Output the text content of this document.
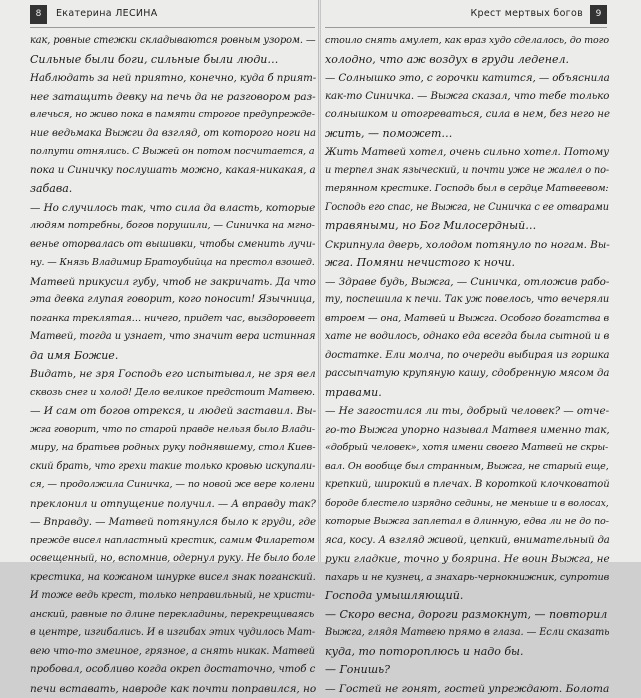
8	Екатерина ЛЕСИНА
как, ровные стежки складываются ровным узором. —
Сильные были боги, сильные были люди…
Наблюдать за ней приятно, конечно, куда б прият-
нее затащить девку на печь да не разговором раз-
влечься, но живо пока в памяти строгое предупрежде-
ние ведьмака Выжги да взгляд, от которого ноги на
полпути отнялись. С Выжей он потом посчитается, а
пока и Синичку послушать можно, какая-никакая, а
забава.
— Но случилось так, что сила да власть, которые
людям потребны, богов порушили, — Синичка на мгно-
венье оторвалась от вышивки, чтобы сменить лучи-
ну. — Князь Владимир Братоубийца на престол взошед.
Матвей прикусил губу, чтоб не закричать. Да что
эта девка глупая говорит, кого поносит! Язычница,
поганка треклятая… ничего, придет час, выздоровеет
Матвей, тогда и узнает, что значит вера истинная
да имя Божие.
Видать, не зря Господь его испытывал, не зря вел
сквозь снег и холод! Дело великое предстоит Матвею.
— И сам от богов отрекся, и людей заставил. Вы-
жга говорит, что по старой правде нельзя было Влади-
миру, на братьев родных руку поднявшему, стол Киев-
ский брать, что грехи такие только кровью искупали-
ся, — продолжила Синичка, — по новой же вере колени
преклонил и отпущение получил. — А вправду так?
— Вправду. — Матвей потянулся было к груди, где
прежде висел напластный крестик, самим Филаретом
освещенный, но, вспомнив, одернул руку. Не было боле
крестика, на кожаном шнурке висел знак поганский.
И тоже ведь крест, только неправильный, не христи-
анский, равные по длине перекладины, перекрещиваясь
в центре, изгибались. И в изгибах этих чудилось Мат-
вею что-то змеиное, грязное, а снять никак. Матвей
пробовал, особливо когда окреп достаточно, чтоб с
печи вставать, навроде как почти поправился, но
Крест мертвых богов	9
стоило снять амулет, как враз худо сделалось, до того
холодно, что аж воздух в груди леденел.
— Солнышко это, с горочки катится, — объяснила
как-то Синичка. — Выжга сказал, что тебе только
солнышком и отогреваться, сила в нем, без него не
жить, — поможет…
Жить Матвей хотел, очень сильно хотел. Потому
и терпел знак языческий, и почти уже не жалел о по-
терянном крестике. Господь был в сердце Матвеевом:
Господь его спас, не Выжга, не Синичка с ее отварами
травяными, но Бог Милосердный…
Скрипнула дверь, холодом потянуло по ногам. Вы-
жга. Помяни нечистого к ночи.
— Здраве будь, Выжга, — Синичка, отложив рабо-
ту, поспешила к печи. Так уж повелось, что вечеряли
втроем — она, Матвей и Выжга. Особого богатства в
хате не водилось, однако еда всегда была сытной и в
достатке. Ели молча, по очереди выбирая из горшка
рассыпчатую крупяную кашу, сдобренную мясом да
травами.
— Не загостился ли ты, добрый человек? — отче-
го-то Выжга упорно называл Матвея именно так,
«добрый человек», хотя имени своего Матвей не скры-
вал. Он вообще был странным, Выжга, не старый еще,
крепкий, широкий в плечах. В короткой клочковатой
бороде блестело изрядно седины, не меньше и в волосах,
которые Выжга заплетал в длинную, едва ли не до по-
яса, косу. А взгляд живой, цепкий, внимательный да
руки гладкие, точно у боярина. Не воин Выжга, не
пахарь и не кузнец, а знахарь-чернокнижник, супротив
Господа умышляющий.
— Скоро весна, дороги размокнут, — повторил
Выжга, глядя Матвею прямо в глаза. — Если сказать
куда, то потороплюсь и надо бы.
— Гонишь?
— Гостей не гонят, гостей упреждают. Болота
